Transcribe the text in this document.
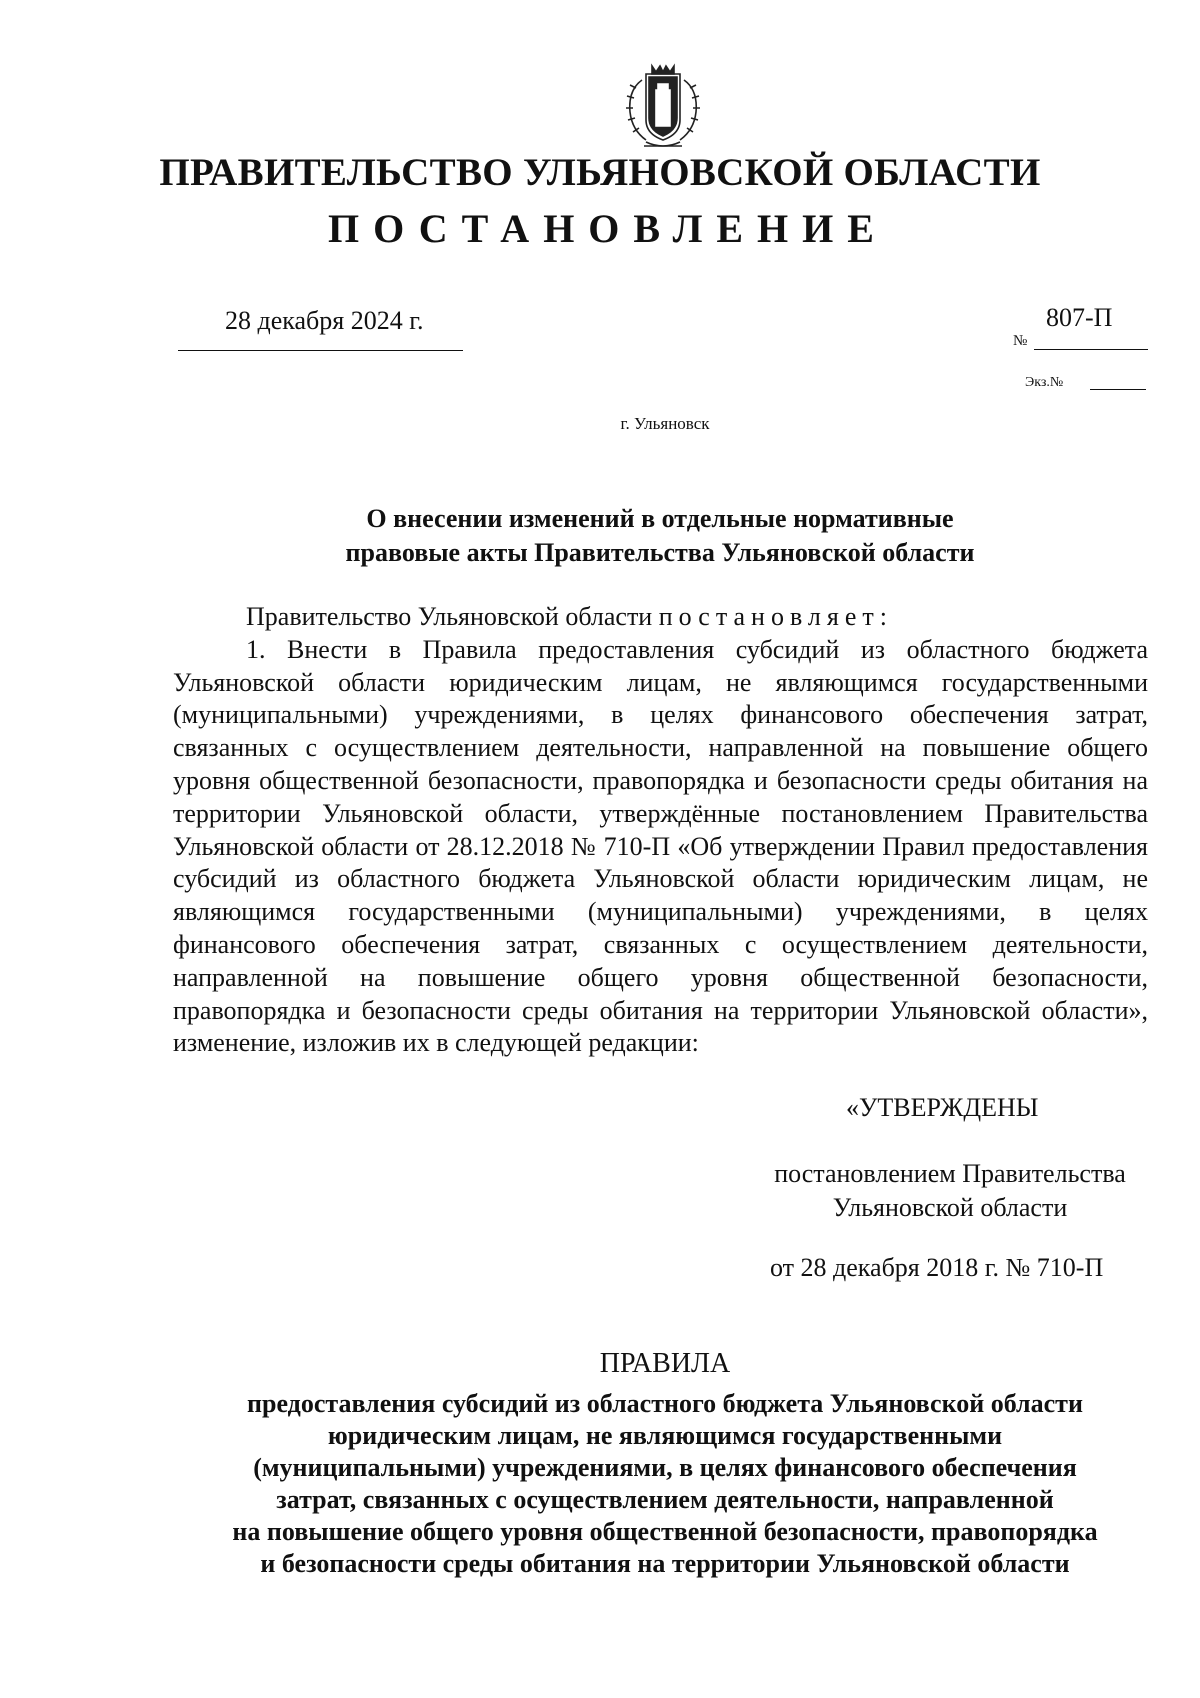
ПРАВИТЕЛЬСТВО УЛЬЯНОВСКОЙ ОБЛАСТИ
ПОСТАНОВЛЕНИЕ
28 декабря 2024 г.
№
807-П
Экз.№
г. Ульяновск
О внесении изменений в отдельные нормативные
правовые акты Правительства Ульяновской области

Правительство Ульяновской области постановляет:

1. Внести в Правила предоставления субсидий из областного бюджета Ульяновской области юридическим лицам, не являющимся государственными (муниципальными) учреждениями, в целях финансового обеспечения затрат, связанных с осуществлением деятельности, направленной на повышение общего уровня общественной безопасности, правопорядка и безопасности среды обитания на территории Ульяновской области, утверждённые постановлением Правительства Ульяновской области от 28.12.2018 № 710-П «Об утверждении Правил предоставления субсидий из областного бюджета Ульяновской области юридическим лицам, не являющимся государственными (муниципальными) учреждениями, в целях финансового обеспечения затрат, связанных с осуществлением деятельности, направленной на повышение общего уровня общественной безопасности, правопорядка и безопасности среды обитания на территории Ульяновской области», изменение, изложив их в следующей редакции:

«УТВЕРЖДЕНЫ
постановлением Правительства
Ульяновской области
от 28 декабря 2018 г. № 710-П
ПРАВИЛА
предоставления субсидий из областного бюджета Ульяновской области
юридическим лицам, не являющимся государственными
(муниципальными) учреждениями, в целях финансового обеспечения
затрат, связанных с осуществлением деятельности, направленной
на повышение общего уровня общественной безопасности, правопорядка
и безопасности среды обитания на территории Ульяновской области
